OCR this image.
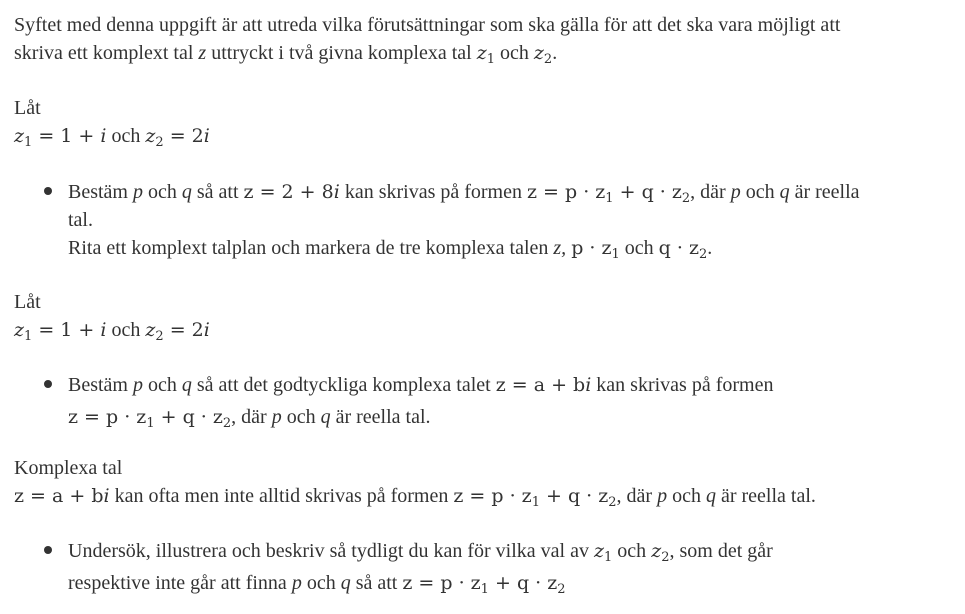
Syftet med denna uppgift är att utreda vilka förutsättningar som ska gälla för att det ska vara möjligt att
skriva ett komplext tal z uttryckt i två givna komplexa tal $z_1$ och $z_2$.
Låt
$z_1 = 1 + i$ och $z_2 = 2i$
Bestäm p och q så att z = 2 + 8i kan skrivas på formen $z = p \cdot z_1 + q \cdot z_2$, där p och q är reella
tal.
Rita ett komplext talplan och markera de tre komplexa talen z, $p \cdot z_1$ och $q \cdot z_2$.
Låt
$z_1 = 1 + i$ och $z_2 = 2i$
Bestäm p och q så att det godtyckliga komplexa talet z = a + bi kan skrivas på formen
$z = p \cdot z_1 + q \cdot z_2$, där p och q är reella tal.
Komplexa tal
z = a + bi kan ofta men inte alltid skrivas på formen $z = p \cdot z_1 + q \cdot z_2$, där p och q är reella tal.
Undersök, illustrera och beskriv så tydligt du kan för vilka val av $z_1$ och $z_2$, som det går
respektive inte går att finna p och q så att $z = p \cdot z_1 + q \cdot z_2$
